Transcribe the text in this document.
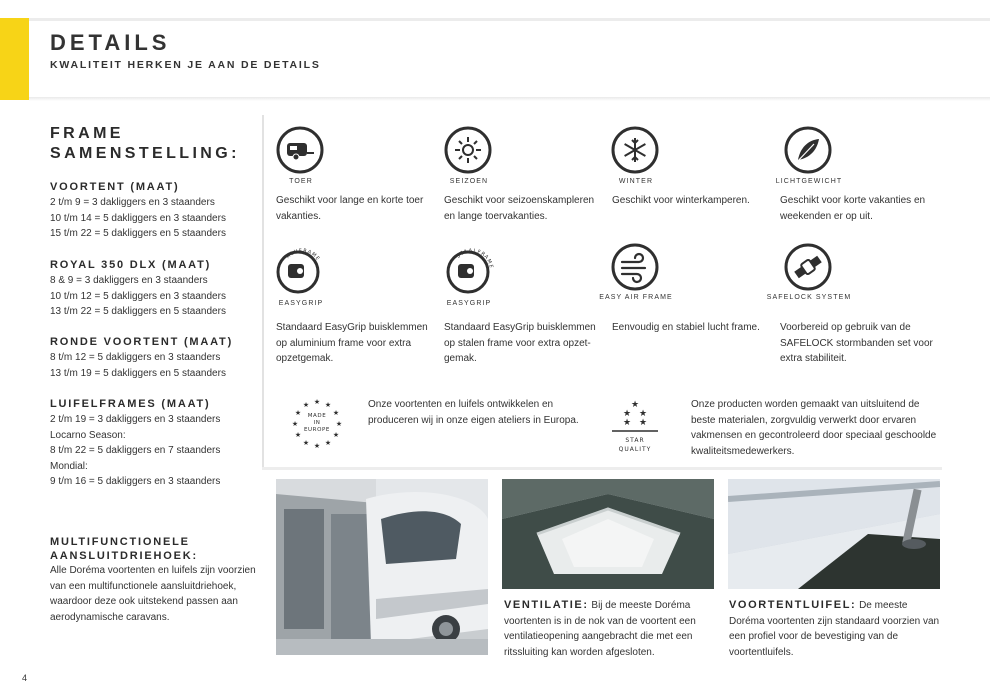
DETAILS
KWALITEIT HERKEN JE AAN DE DETAILS
FRAME SAMENSTELLING:
VOORTENT (MAAT)
2 t/m 9 = 3 dakliggers en 3 staanders
10 t/m 14 = 5 dakliggers en 3 staanders
15 t/m 22 = 5 dakliggers en 5 staanders
ROYAL 350 DLX (MAAT)
8 & 9 = 3 dakliggers en 3 staanders
10 t/m 12 = 5 dakliggers en 3 staanders
13 t/m 22 = 5 dakliggers en 5 staanders
RONDE VOORTENT (MAAT)
8 t/m 12 = 5 dakliggers en 3 staanders
13 t/m 19 = 5 dakliggers en 5 staanders
LUIFELFRAMES (MAAT)
2 t/m 19 = 3 dakliggers en 3 staanders
Locarno Season:
8 t/m 22 = 5 dakliggers en 7 staanders
Mondial:
9 t/m 16 = 5 dakliggers en 3 staanders
MULTIFUNCTIONELE AANSLUITDRIEHOEK:
Alle Doréma voortenten en luifels zijn voorzien van een multifunctionele aansluitdriehoek, waardoor deze ook uitstekend passen aan aerodynamische caravans.
TOER
Geschikt voor lange en korte toer vakanties.
SEIZOEN
Geschikt voor seizoenskampleren en lange toervakanties.
WINTER
Geschikt voor winterkamperen.
LICHTGEWICHT
Geschikt voor korte vakanties en weekenden er op uit.
ALUFRAME
EASYGRIP
Standaard EasyGrip buisklemmen op aluminium frame voor extra opzetgemak.
STAALFRAME
EASYGRIP
Standaard EasyGrip buisklemmen op stalen frame voor extra opzet-gemak.
EASY AIR FRAME
Eenvoudig en stabiel lucht frame.
SAFELOCK SYSTEM
Voorbereid op gebruik van de SAFELOCK stormbanden set voor extra stabiliteit.
★ ★
★
★
★
★
★
★
★
★
★
★
MADE
IN
EUROPE
Onze voortenten en luifels ontwikkelen en produceren wij in onze eigen ateliers in Europa.
★
★ ★
★ ★
STAR
QUALITY
Onze producten worden gemaakt van uitsluitend de beste materialen, zorgvuldig verwerkt door ervaren vakmensen en gecontroleerd door speciaal geschoolde kwaliteitsmedewerkers.
VENTILATIE: Bij de meeste Doréma voortenten is in de nok van de voortent een ventilatieopening aangebracht die met een ritssluiting kan worden afgesloten.
VOORTENTLUIFEL: De meeste Doréma voortenten zijn standaard voorzien van een profiel voor de bevestiging van de voortentluifels.
4
